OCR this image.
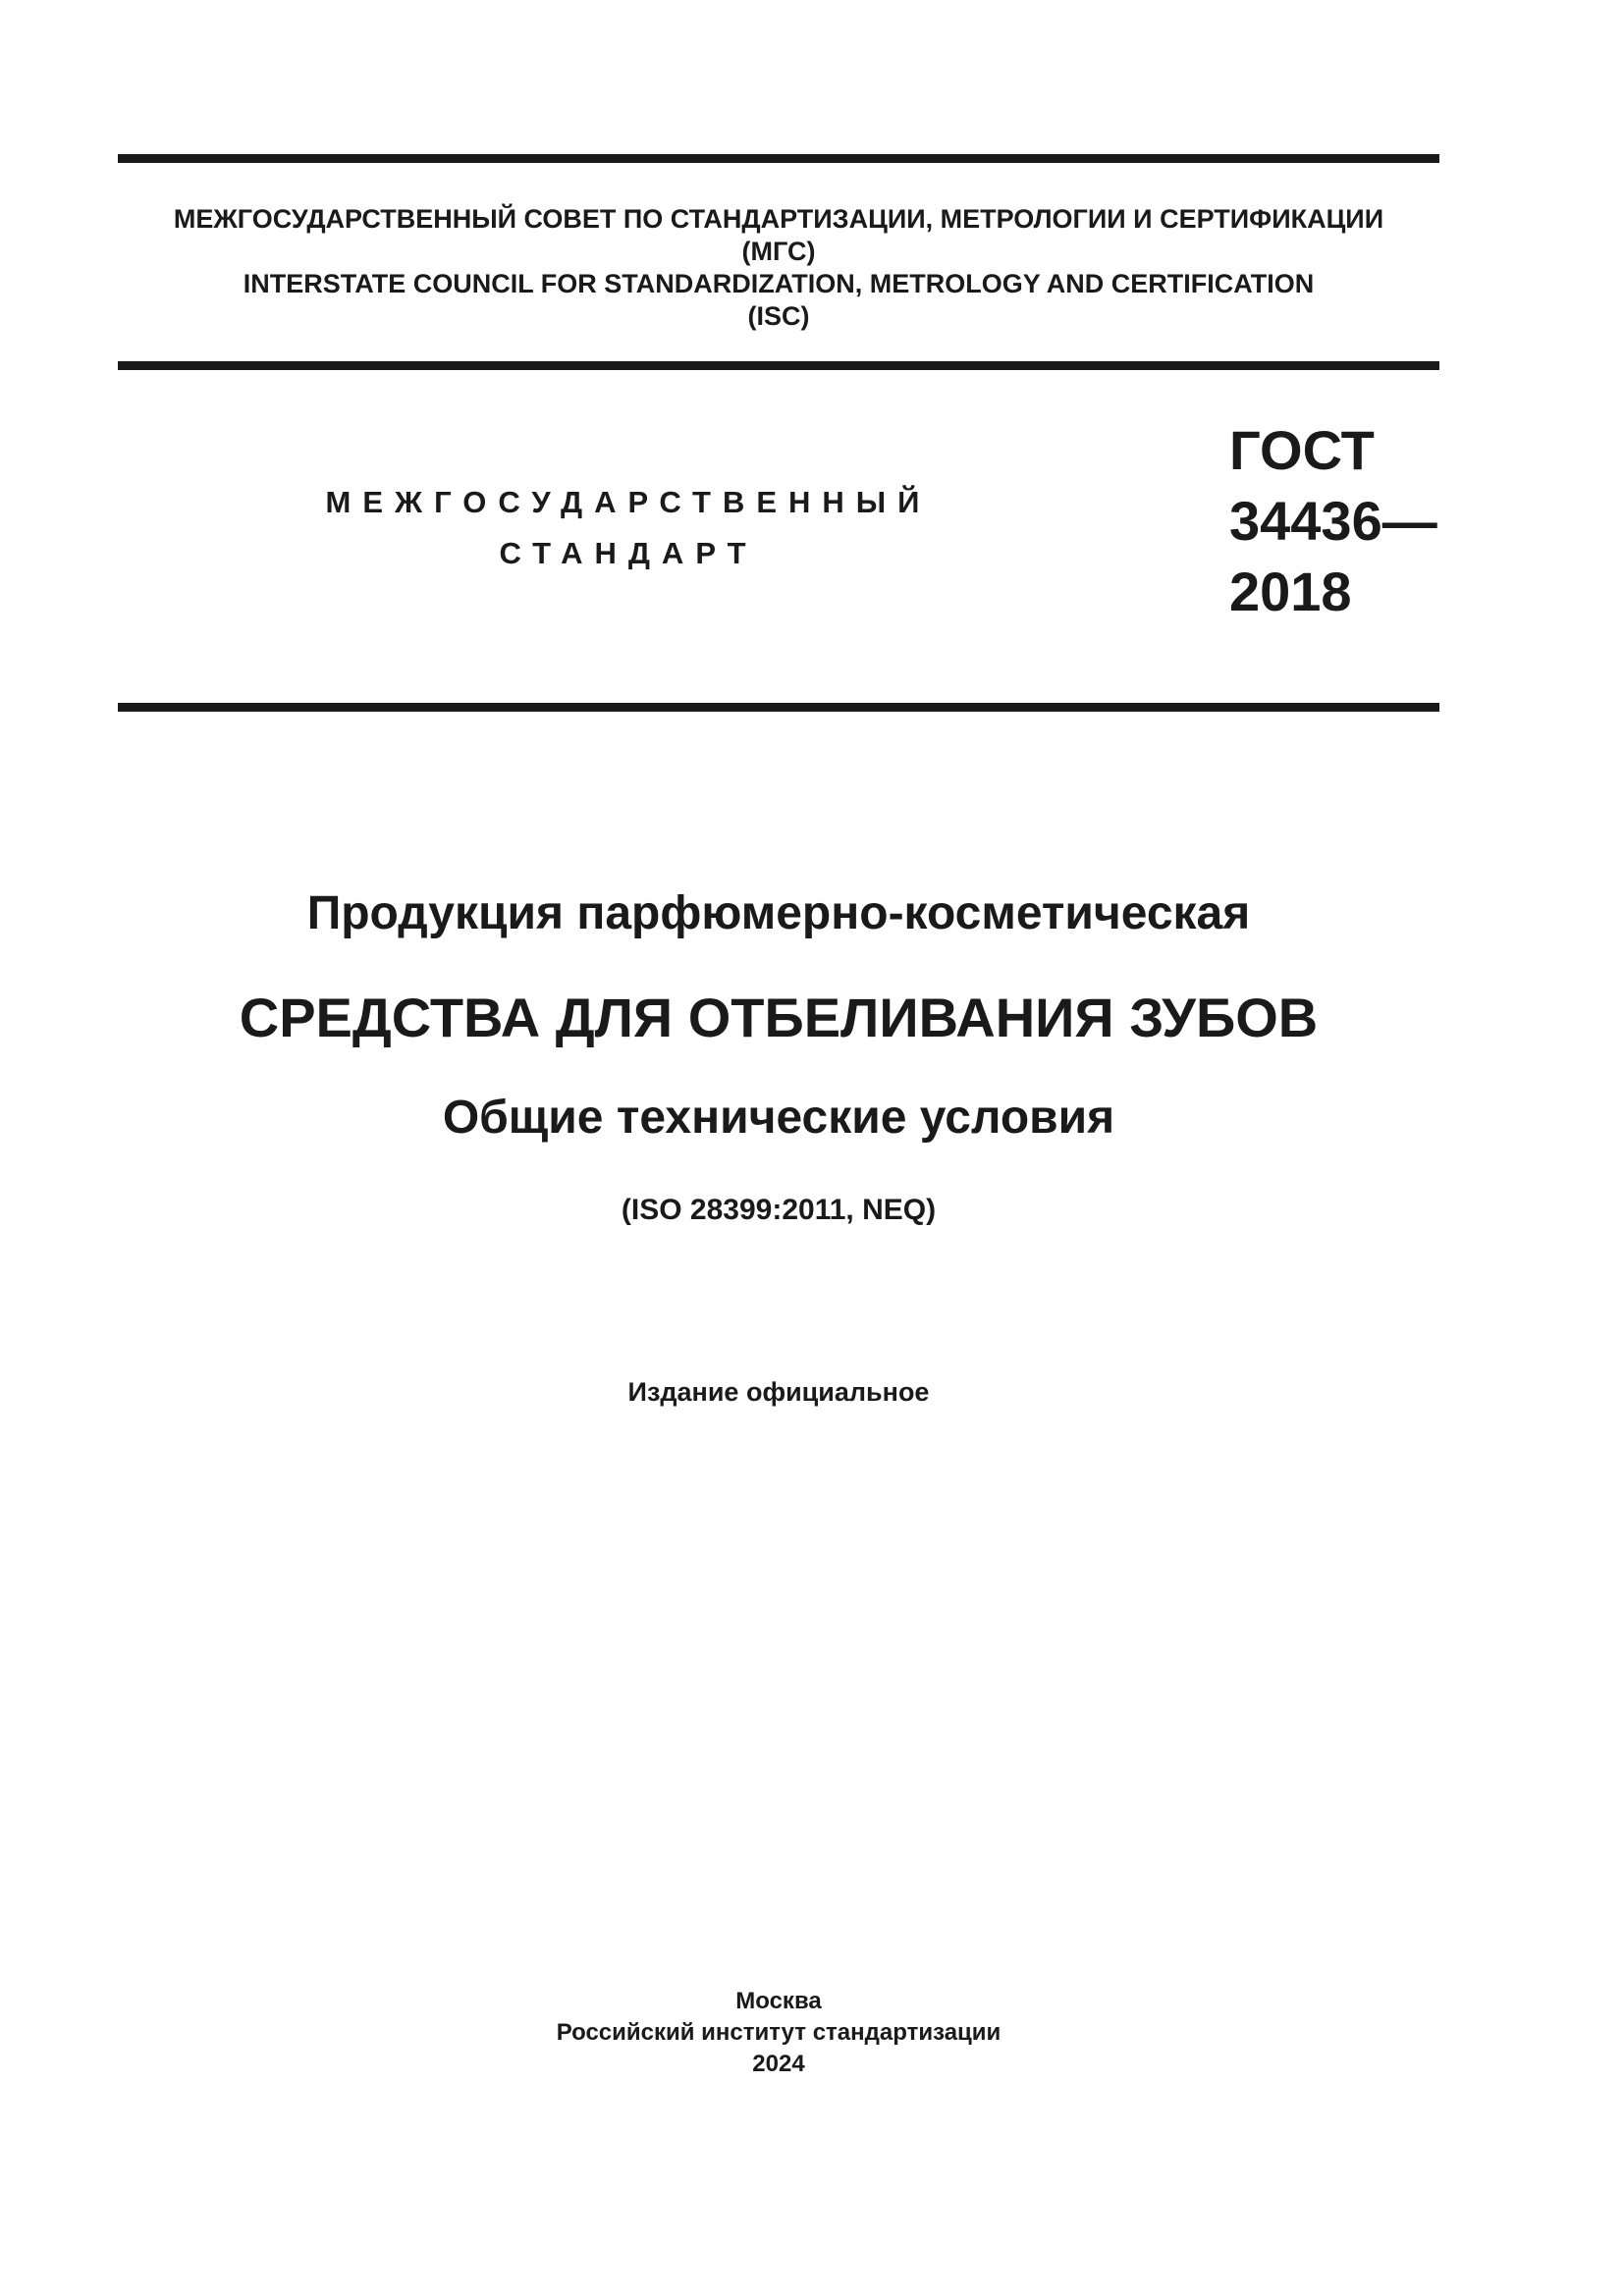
МЕЖГОСУДАРСТВЕННЫЙ СОВЕТ ПО СТАНДАРТИЗАЦИИ, МЕТРОЛОГИИ И СЕРТИФИКАЦИИ
(МГС)
INTERSTATE COUNCIL FOR STANDARDIZATION, METROLOGY AND CERTIFICATION
(ISC)
МЕЖГОСУДАРСТВЕННЫЙ
СТАНДАРТ
ГОСТ
34436—
2018
Продукция парфюмерно-косметическая
СРЕДСТВА ДЛЯ ОТБЕЛИВАНИЯ ЗУБОВ
Общие технические условия
(ISO 28399:2011, NEQ)
Издание официальное
Москва
Российский институт стандартизации
2024
